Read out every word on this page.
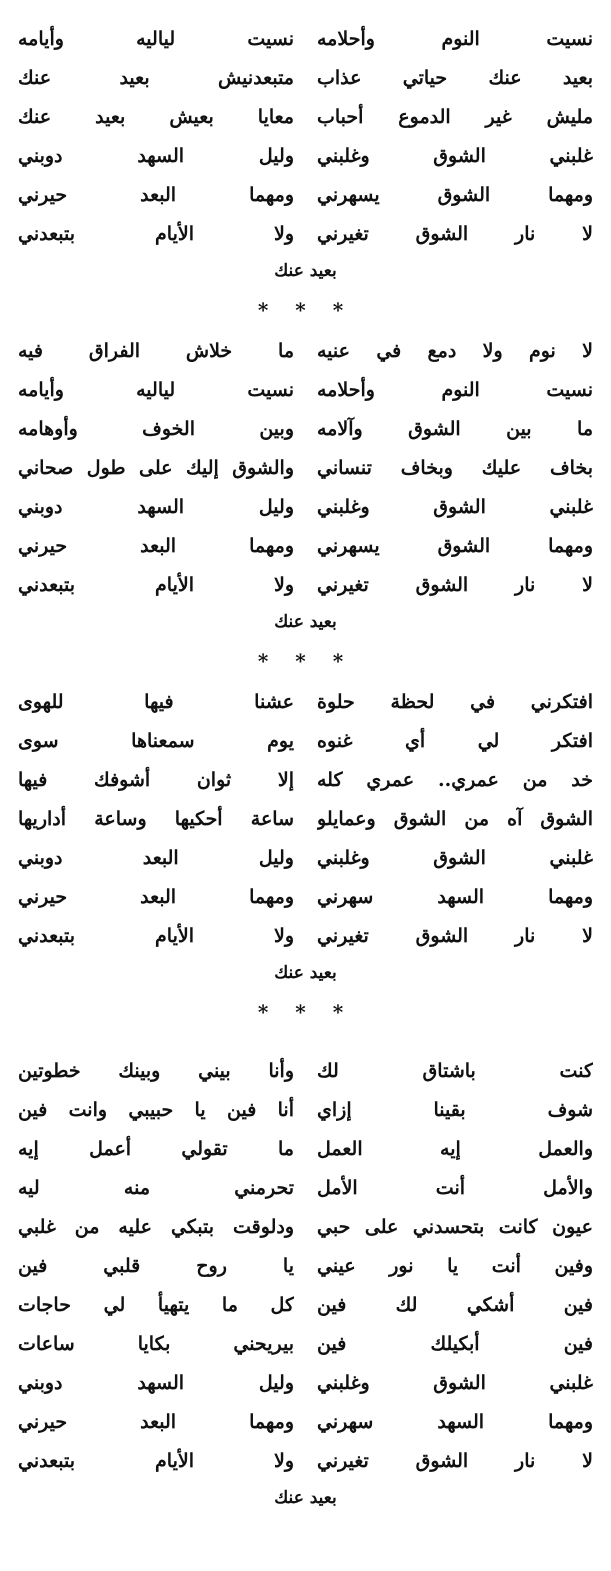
نسيت النوم وأحلامه
نسيت لياليه وأيامه
بعيد عنك حياتي عذاب
متبعدنيش بعيد عنك
مليش غير الدموع أحباب
معايا بعيش بعيد عنك
غلبني الشوق وغلبني
وليل السهد دوبني
ومهما الشوق يسهرني
ومهما البعد حيرني
لا نار الشوق تغيرني
ولا الأيام بتبعدني
بعيد عنك
* * *
لا نوم ولا دمع في عنيه
ما خلاش الفراق فيه
نسيت النوم وأحلامه
نسيت لياليه وأيامه
ما بين الشوق وآلامه
وبين الخوف وأوهامه
بخاف عليك وبخاف تنساني
والشوق إليك على طول صحاني
غلبني الشوق وغلبني
وليل السهد دوبني
ومهما الشوق يسهرني
ومهما البعد حيرني
لا نار الشوق تغيرني
ولا الأيام بتبعدني
بعيد عنك
* * *
افتكرني في لحظة حلوة
عشنا فيها للهوى
افتكر لي أي غنوه
يوم سمعناها سوى
خد من عمري.. عمري كله
إلا ثوان أشوفك فيها
الشوق آه من الشوق وعمايلو
ساعة أحكيها وساعة أداريها
غلبني الشوق وغلبني
وليل البعد دوبني
ومهما السهد سهرني
ومهما البعد حيرني
لا نار الشوق تغيرني
ولا الأيام بتبعدني
بعيد عنك
* * *
كنت باشتاق لك
وأنا بيني وبينك خطوتين
شوف بقينا إزاي
أنا فين يا حبيبي وانت فين
والعمل إيه العمل
ما تقولي أعمل إيه
والأمل أنت الأمل
تحرمني منه ليه
عيون كانت بتحسدني على حبي
ودلوقت بتبكي عليه من غلبي
وفين أنت يا نور عيني
يا روح قلبي فين
فين أشكي لك فين
كل ما يتهيأ لي حاجات
فين أبكيلك فين
بيريحني بكايا ساعات
غلبني الشوق وغلبني
وليل السهد دوبني
ومهما السهد سهرني
ومهما البعد حيرني
لا نار الشوق تغيرني
ولا الأيام بتبعدني
بعيد عنك
